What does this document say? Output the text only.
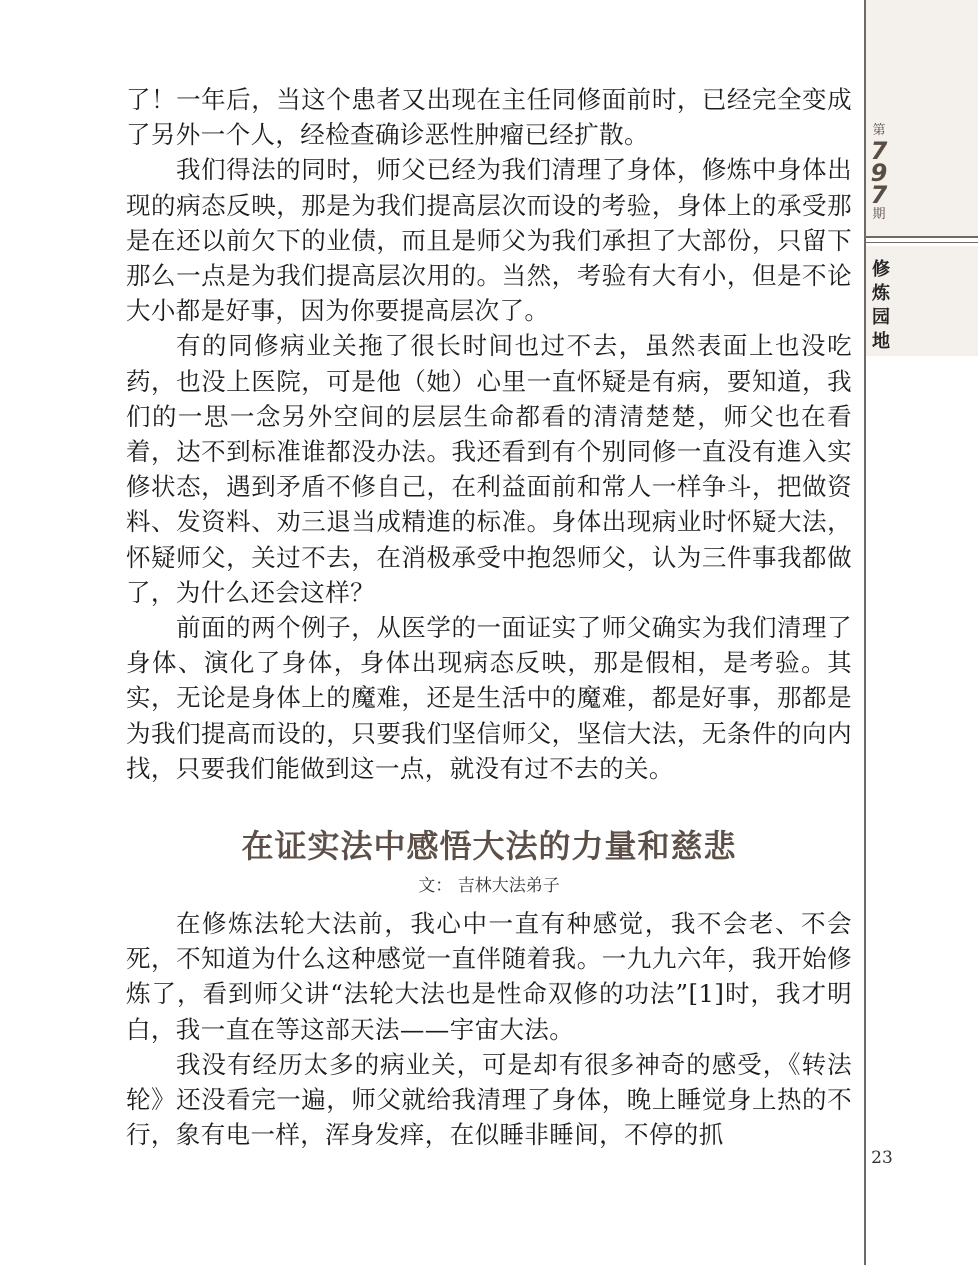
第
7
9
7
期
修
炼
园
地
23

了！一年后，当这个患者又出现在主任同修面前时，已经完全变成了另外一个人，经检查确诊恶性肿瘤已经扩散。

我们得法的同时，师父已经为我们清理了身体，修炼中身体出现的病态反映，那是为我们提高层次而设的考验，身体上的承受那是在还以前欠下的业债，而且是师父为我们承担了大部份，只留下那么一点是为我们提高层次用的。当然，考验有大有小，但是不论大小都是好事，因为你要提高层次了。

有的同修病业关拖了很长时间也过不去，虽然表面上也没吃药，也没上医院，可是他（她）心里一直怀疑是有病，要知道，我们的一思一念另外空间的层层生命都看的清清楚楚，师父也在看着，达不到标准谁都没办法。我还看到有个别同修一直没有進入实修状态，遇到矛盾不修自己，在利益面前和常人一样争斗，把做资料、发资料、劝三退当成精進的标准。身体出现病业时怀疑大法，怀疑师父，关过不去，在消极承受中抱怨师父，认为三件事我都做了，为什么还会这样？

前面的两个例子，从医学的一面证实了师父确实为我们清理了身体、演化了身体，身体出现病态反映，那是假相，是考验。其实，无论是身体上的魔难，还是生活中的魔难，都是好事，那都是为我们提高而设的，只要我们坚信师父，坚信大法，无条件的向内找，只要我们能做到这一点，就没有过不去的关。

在证实法中感悟大法的力量和慈悲
文： 吉林大法弟子

在修炼法轮大法前，我心中一直有种感觉，我不会老、不会死，不知道为什么这种感觉一直伴随着我。一九九六年，我开始修炼了，看到师父讲“法轮大法也是性命双修的功法”[1]时，我才明白，我一直在等这部天法——宇宙大法。

我没有经历太多的病业关，可是却有很多神奇的感受，《转法轮》还没看完一遍，师父就给我清理了身体，晚上睡觉身上热的不行，象有电一样，浑身发痒，在似睡非睡间，不停的抓
